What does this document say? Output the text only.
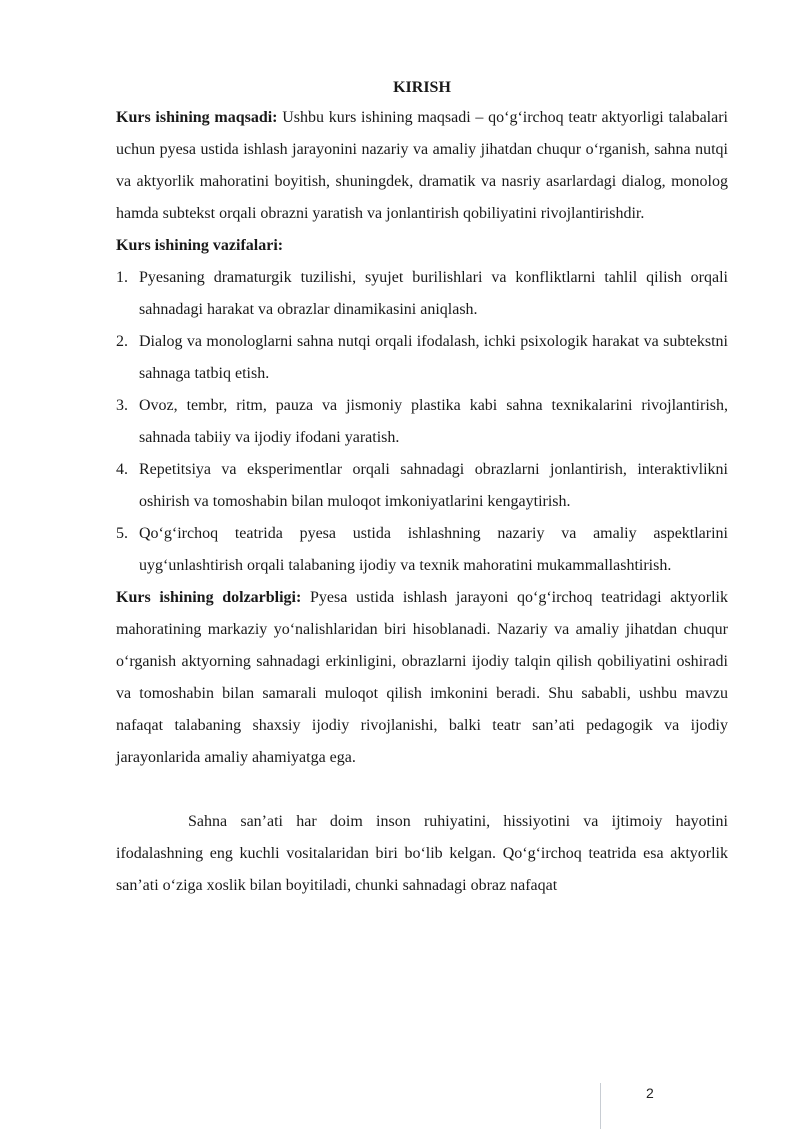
KIRISH

Kurs ishining maqsadi: Ushbu kurs ishining maqsadi – qo‘g‘irchoq teatr aktyorligi talabalari uchun pyesa ustida ishlash jarayonini nazariy va amaliy jihatdan chuqur o‘rganish, sahna nutqi va aktyorlik mahoratini boyitish, shuningdek, dramatik va nasriy asarlardagi dialog, monolog hamda subtekst orqali obrazni yaratish va jonlantirish qobiliyatini rivojlantirishdir.

Kurs ishining vazifalari:

1. Pyesaning dramaturgik tuzilishi, syujet burilishlari va konfliktlarni tahlil qilish orqali sahnadagi harakat va obrazlar dinamikasini aniqlash.
2. Dialog va monologlarni sahna nutqi orqali ifodalash, ichki psixologik harakat va subtekstni sahnaga tatbiq etish.
3. Ovoz, tembr, ritm, pauza va jismoniy plastika kabi sahna texnikalarini rivojlantirish, sahnada tabiiy va ijodiy ifodani yaratish.
4. Repetitsiya va eksperimentlar orqali sahnadagi obrazlarni jonlantirish, interaktivlikni oshirish va tomoshabin bilan muloqot imkoniyatlarini kengaytirish.
5. Qo‘g‘irchoq teatrida pyesa ustida ishlashning nazariy va amaliy aspektlarini uyg‘unlashtirish orqali talabaning ijodiy va texnik mahoratini mukammallashtirish.

Kurs ishining dolzarbligi: Pyesa ustida ishlash jarayoni qo‘g‘irchoq teatridagi aktyorlik mahoratining markaziy yo‘nalishlaridan biri hisoblanadi. Nazariy va amaliy jihatdan chuqur o‘rganish aktyorning sahnadagi erkinligini, obrazlarni ijodiy talqin qilish qobiliyatini oshiradi va tomoshabin bilan samarali muloqot qilish imkonini beradi. Shu sababli, ushbu mavzu nafaqat talabaning shaxsiy ijodiy rivojlanishi, balki teatr san’ati pedagogik va ijodiy jarayonlarida amaliy ahamiyatga ega.

Sahna san’ati har doim inson ruhiyatini, hissiyotini va ijtimoiy hayotini ifodalashning eng kuchli vositalaridan biri bo‘lib kelgan. Qo‘g‘irchoq teatrida esa aktyorlik san’ati o‘ziga xoslik bilan boyitiladi, chunki sahnadagi obraz nafaqat

2
